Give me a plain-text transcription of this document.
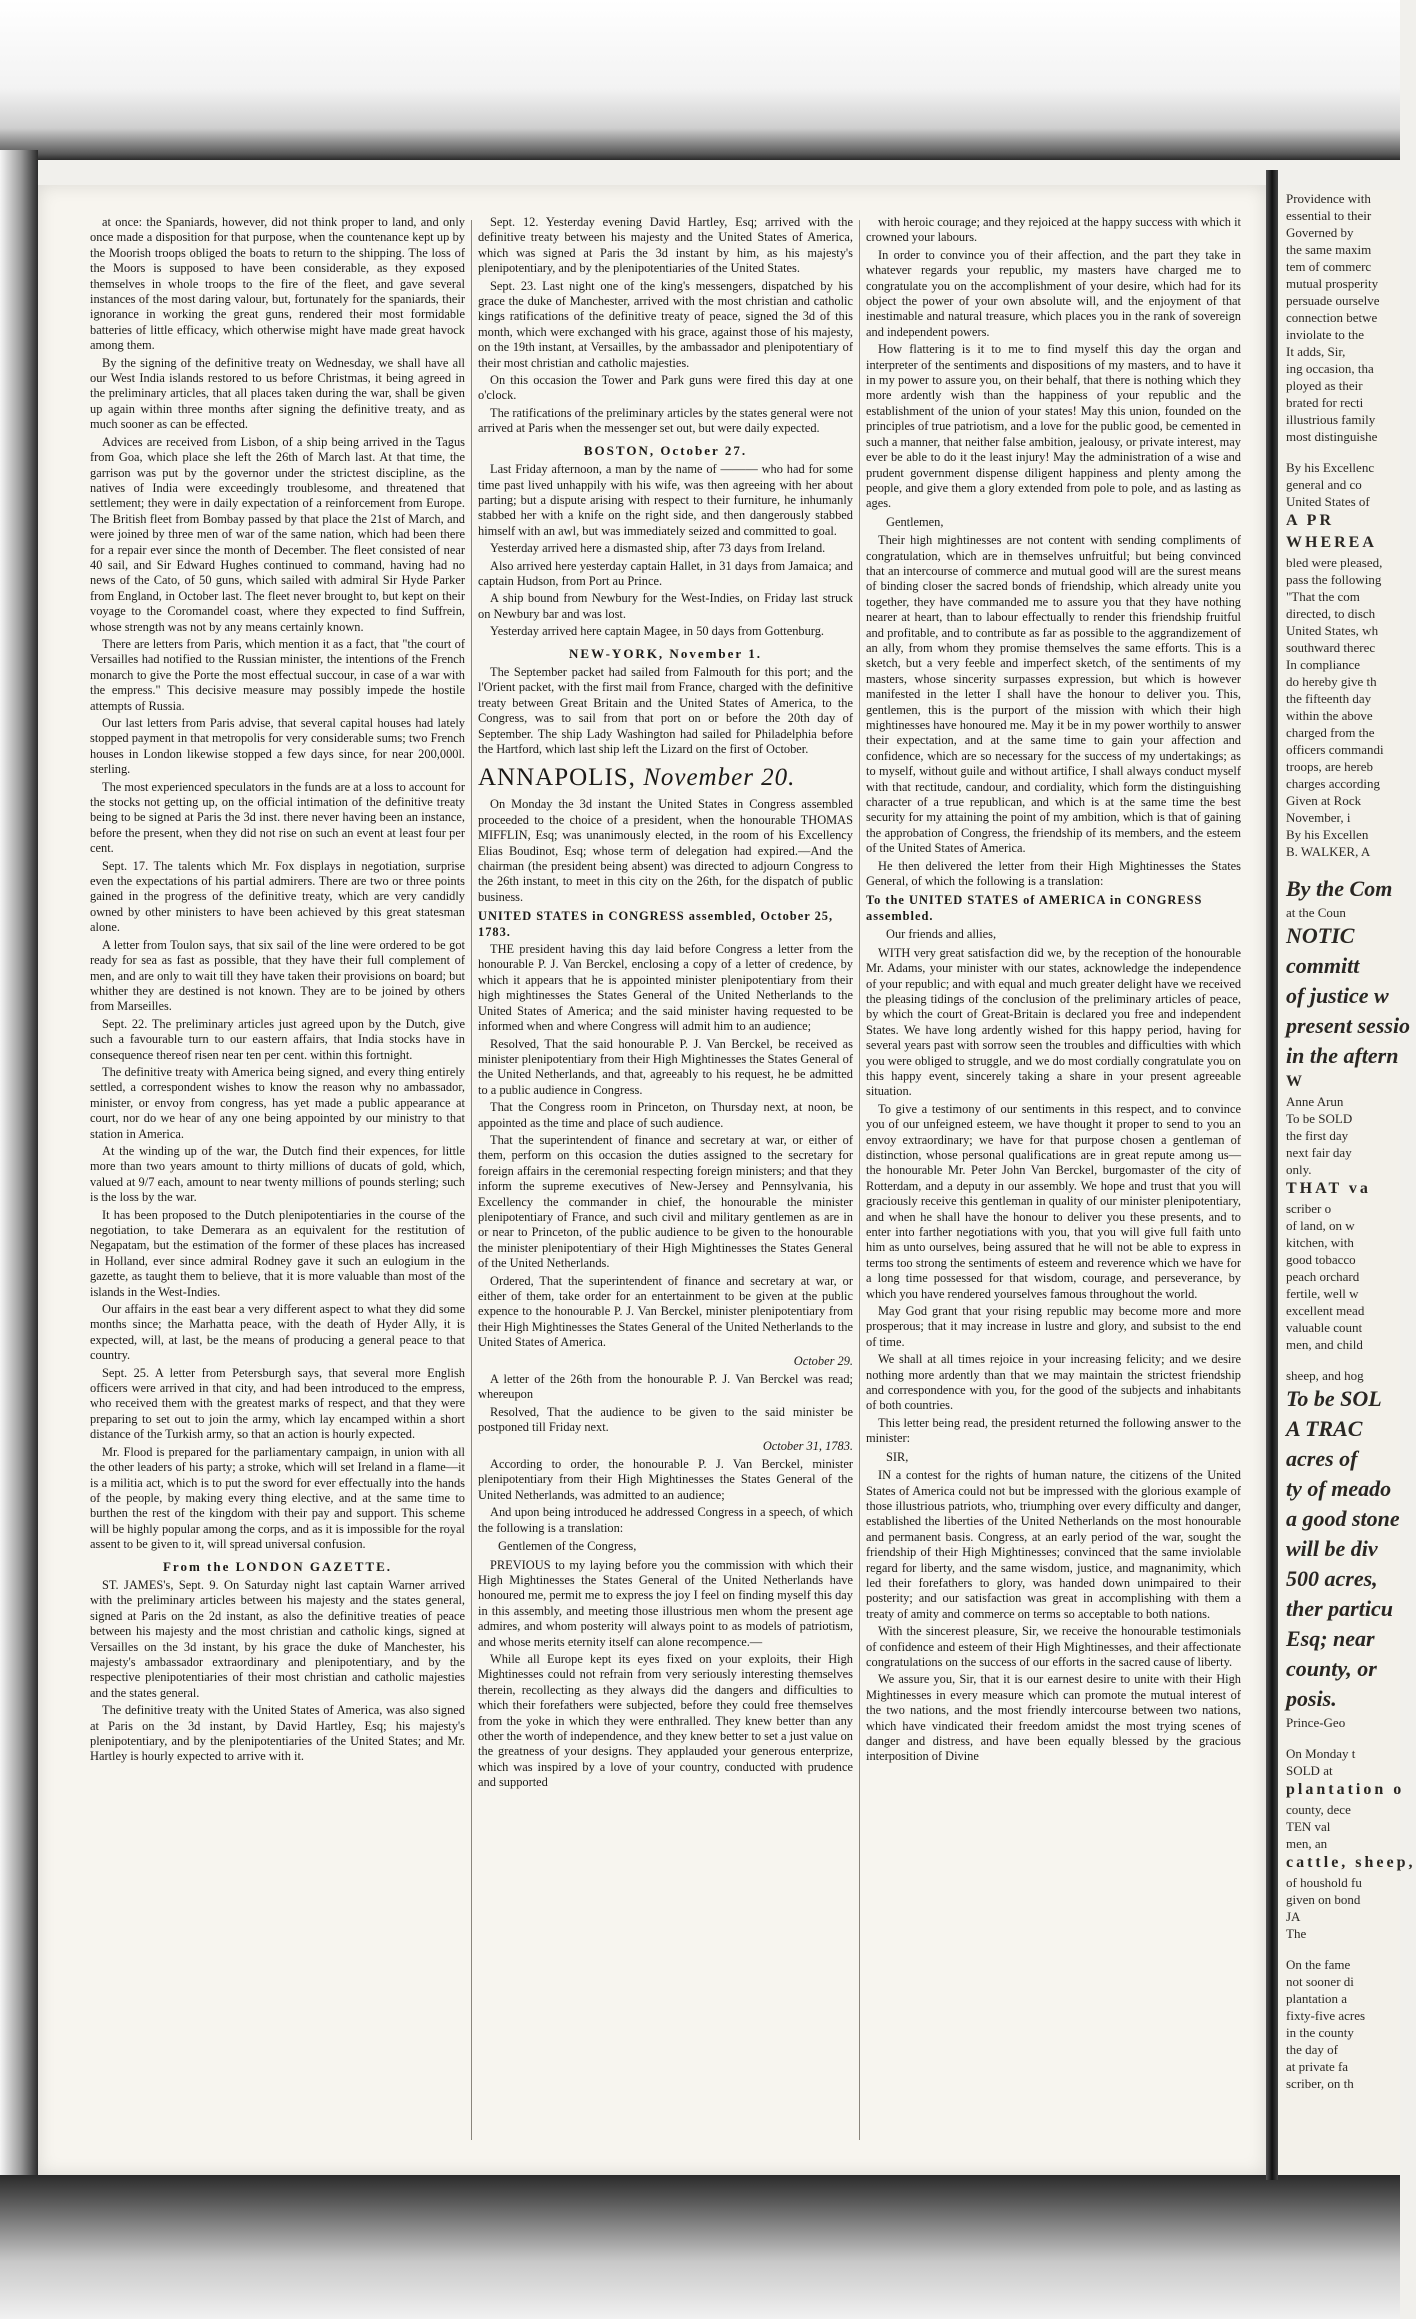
at once: the Spaniards, however, did not think proper to land, and only once made a disposition for that purpose, when the countenance kept up by the Moorish troops obliged the boats to return to the shipping. The loss of the Moors is supposed to have been considerable, as they exposed themselves in whole troops to the fire of the fleet, and gave several instances of the most daring valour, but, fortunately for the spaniards, their ignorance in working the great guns, rendered their most formidable batteries of little efficacy, which otherwise might have made great havock among them.

By the signing of the definitive treaty on Wednesday, we shall have all our West India islands restored to us before Christmas, it being agreed in the preliminary articles, that all places taken during the war, shall be given up again within three months after signing the definitive treaty, and as much sooner as can be effected.

Advices are received from Lisbon, of a ship being arrived in the Tagus from Goa, which place she left the 26th of March last. At that time, the garrison was put by the governor under the strictest discipline, as the natives of India were exceedingly troublesome, and threatened that settlement; they were in daily expectation of a reinforcement from Europe. The British fleet from Bombay passed by that place the 21st of March, and were joined by three men of war of the same nation, which had been there for a repair ever since the month of December. The fleet consisted of near 40 sail, and Sir Edward Hughes continued to command, having had no news of the Cato, of 50 guns, which sailed with admiral Sir Hyde Parker from England, in October last. The fleet never brought to, but kept on their voyage to the Coromandel coast, where they expected to find Suffrein, whose strength was not by any means certainly known.

There are letters from Paris, which mention it as a fact, that "the court of Versailles had notified to the Russian minister, the intentions of the French monarch to give the Porte the most effectual succour, in case of a war with the empress." This decisive measure may possibly impede the hostile attempts of Russia.

Our last letters from Paris advise, that several capital houses had lately stopped payment in that metropolis for very considerable sums; two French houses in London likewise stopped a few days since, for near 200,000l. sterling.

The most experienced speculators in the funds are at a loss to account for the stocks not getting up, on the official intimation of the definitive treaty being to be signed at Paris the 3d inst. there never having been an instance, before the present, when they did not rise on such an event at least four per cent.

Sept. 17. The talents which Mr. Fox displays in negotiation, surprise even the expectations of his partial admirers. There are two or three points gained in the progress of the definitive treaty, which are very candidly owned by other ministers to have been achieved by this great statesman alone.

A letter from Toulon says, that six sail of the line were ordered to be got ready for sea as fast as possible, that they have their full complement of men, and are only to wait till they have taken their provisions on board; but whither they are destined is not known. They are to be joined by others from Marseilles.

Sept. 22. The preliminary articles just agreed upon by the Dutch, give such a favourable turn to our eastern affairs, that India stocks have in consequence thereof risen near ten per cent. within this fortnight.

The definitive treaty with America being signed, and every thing entirely settled, a correspondent wishes to know the reason why no ambassador, minister, or envoy from congress, has yet made a public appearance at court, nor do we hear of any one being appointed by our ministry to that station in America.

At the winding up of the war, the Dutch find their expences, for little more than two years amount to thirty millions of ducats of gold, which, valued at 9/7 each, amount to near twenty millions of pounds sterling; such is the loss by the war.

It has been proposed to the Dutch plenipotentiaries in the course of the negotiation, to take Demerara as an equivalent for the restitution of Negapatam, but the estimation of the former of these places has increased in Holland, ever since admiral Rodney gave it such an eulogium in the gazette, as taught them to believe, that it is more valuable than most of the islands in the West-Indies.

Our affairs in the east bear a very different aspect to what they did some months since; the Marhatta peace, with the death of Hyder Ally, it is expected, will, at last, be the means of producing a general peace to that country.

Sept. 25. A letter from Petersburgh says, that several more English officers were arrived in that city, and had been introduced to the empress, who received them with the greatest marks of respect, and that they were preparing to set out to join the army, which lay encamped within a short distance of the Turkish army, so that an action is hourly expected.

Mr. Flood is prepared for the parliamentary campaign, in union with all the other leaders of his party; a stroke, which will set Ireland in a flame—it is a militia act, which is to put the sword for ever effectually into the hands of the people, by making every thing elective, and at the same time to burthen the rest of the kingdom with their pay and support. This scheme will be highly popular among the corps, and as it is impossible for the royal assent to be given to it, will spread universal confusion.

From the LONDON GAZETTE.

ST. JAMES's, Sept. 9. On Saturday night last captain Warner arrived with the preliminary articles between his majesty and the states general, signed at Paris on the 2d instant, as also the definitive treaties of peace between his majesty and the most christian and catholic kings, signed at Versailles on the 3d instant, by his grace the duke of Manchester, his majesty's ambassador extraordinary and plenipotentiary, and by the respective plenipotentiaries of their most christian and catholic majesties and the states general.

The definitive treaty with the United States of America, was also signed at Paris on the 3d instant, by David Hartley, Esq; his majesty's plenipotentiary, and by the plenipotentiaries of the United States; and Mr. Hartley is hourly expected to arrive with it.

Sept. 12. Yesterday evening David Hartley, Esq; arrived with the definitive treaty between his majesty and the United States of America, which was signed at Paris the 3d instant by him, as his majesty's plenipotentiary, and by the plenipotentiaries of the United States.

Sept. 23. Last night one of the king's messengers, dispatched by his grace the duke of Manchester, arrived with the most christian and catholic kings ratifications of the definitive treaty of peace, signed the 3d of this month, which were exchanged with his grace, against those of his majesty, on the 19th instant, at Versailles, by the ambassador and plenipotentiary of their most christian and catholic majesties.

On this occasion the Tower and Park guns were fired this day at one o'clock.

The ratifications of the preliminary articles by the states general were not arrived at Paris when the messenger set out, but were daily expected.

BOSTON, October 27.

Last Friday afternoon, a man by the name of ——— who had for some time past lived unhappily with his wife, was then agreeing with her about parting; but a dispute arising with respect to their furniture, he inhumanly stabbed her with a knife on the right side, and then dangerously stabbed himself with an awl, but was immediately seized and committed to goal.

Yesterday arrived here a dismasted ship, after 73 days from Ireland.

Also arrived here yesterday captain Hallet, in 31 days from Jamaica; and captain Hudson, from Port au Prince.

A ship bound from Newbury for the West-Indies, on Friday last struck on Newbury bar and was lost.

Yesterday arrived here captain Magee, in 50 days from Gottenburg.

NEW-YORK, November 1.

The September packet had sailed from Falmouth for this port; and the l'Orient packet, with the first mail from France, charged with the definitive treaty between Great Britain and the United States of America, to the Congress, was to sail from that port on or before the 20th day of September. The ship Lady Washington had sailed for Philadelphia before the Hartford, which last ship left the Lizard on the first of October.

ANNAPOLIS, November 20.

On Monday the 3d instant the United States in Congress assembled proceeded to the choice of a president, when the honourable THOMAS MIFFLIN, Esq; was unanimously elected, in the room of his Excellency Elias Boudinot, Esq; whose term of delegation had expired.—And the chairman (the president being absent) was directed to adjourn Congress to the 26th instant, to meet in this city on the 26th, for the dispatch of public business.

UNITED STATES in CONGRESS assembled, October 25, 1783.

THE president having this day laid before Congress a letter from the honourable P. J. Van Berckel, enclosing a copy of a letter of credence, by which it appears that he is appointed minister plenipotentiary from their high mightinesses the States General of the United Netherlands to the United States of America; and the said minister having requested to be informed when and where Congress will admit him to an audience;

Resolved, That the said honourable P. J. Van Berckel, be received as minister plenipotentiary from their High Mightinesses the States General of the United Netherlands, and that, agreeably to his request, he be admitted to a public audience in Congress.

That the Congress room in Princeton, on Thursday next, at noon, be appointed as the time and place of such audience.

That the superintendent of finance and secretary at war, or either of them, perform on this occasion the duties assigned to the secretary for foreign affairs in the ceremonial respecting foreign ministers; and that they inform the supreme executives of New-Jersey and Pennsylvania, his Excellency the commander in chief, the honourable the minister plenipotentiary of France, and such civil and military gentlemen as are in or near to Princeton, of the public audience to be given to the honourable the minister plenipotentiary of their High Mightinesses the States General of the United Netherlands.

Ordered, That the superintendent of finance and secretary at war, or either of them, take order for an entertainment to be given at the public expence to the honourable P. J. Van Berckel, minister plenipotentiary from their High Mightinesses the States General of the United Netherlands to the United States of America.

October 29.

A letter of the 26th from the honourable P. J. Van Berckel was read; whereupon

Resolved, That the audience to be given to the said minister be postponed till Friday next.

October 31, 1783.

According to order, the honourable P. J. Van Berckel, minister plenipotentiary from their High Mightinesses the States General of the United Netherlands, was admitted to an audience;

And upon being introduced he addressed Congress in a speech, of which the following is a translation:

Gentlemen of the Congress,

PREVIOUS to my laying before you the commission with which their High Mightinesses the States General of the United Netherlands have honoured me, permit me to express the joy I feel on finding myself this day in this assembly, and meeting those illustrious men whom the present age admires, and whom posterity will always point to as models of patriotism, and whose merits eternity itself can alone recompence.—

While all Europe kept its eyes fixed on your exploits, their High Mightinesses could not refrain from very seriously interesting themselves therein, recollecting as they always did the dangers and difficulties to which their forefathers were subjected, before they could free themselves from the yoke in which they were enthralled. They knew better than any other the worth of independence, and they knew better to set a just value on the greatness of your designs. They applauded your generous enterprize, which was inspired by a love of your country, conducted with prudence and supported

with heroic courage; and they rejoiced at the happy success with which it crowned your labours.

In order to convince you of their affection, and the part they take in whatever regards your republic, my masters have charged me to congratulate you on the accomplishment of your desire, which had for its object the power of your own absolute will, and the enjoyment of that inestimable and natural treasure, which places you in the rank of sovereign and independent powers.

How flattering is it to me to find myself this day the organ and interpreter of the sentiments and dispositions of my masters, and to have it in my power to assure you, on their behalf, that there is nothing which they more ardently wish than the happiness of your republic and the establishment of the union of your states! May this union, founded on the principles of true patriotism, and a love for the public good, be cemented in such a manner, that neither false ambition, jealousy, or private interest, may ever be able to do it the least injury! May the administration of a wise and prudent government dispense diligent happiness and plenty among the people, and give them a glory extended from pole to pole, and as lasting as ages.

Gentlemen,

Their high mightinesses are not content with sending compliments of congratulation, which are in themselves unfruitful; but being convinced that an intercourse of commerce and mutual good will are the surest means of binding closer the sacred bonds of friendship, which already unite you together, they have commanded me to assure you that they have nothing nearer at heart, than to labour effectually to render this friendship fruitful and profitable, and to contribute as far as possible to the aggrandizement of an ally, from whom they promise themselves the same efforts. This is a sketch, but a very feeble and imperfect sketch, of the sentiments of my masters, whose sincerity surpasses expression, but which is however manifested in the letter I shall have the honour to deliver you. This, gentlemen, this is the purport of the mission with which their high mightinesses have honoured me. May it be in my power worthily to answer their expectation, and at the same time to gain your affection and confidence, which are so necessary for the success of my undertakings; as to myself, without guile and without artifice, I shall always conduct myself with that rectitude, candour, and cordiality, which form the distinguishing character of a true republican, and which is at the same time the best security for my attaining the point of my ambition, which is that of gaining the approbation of Congress, the friendship of its members, and the esteem of the United States of America.

He then delivered the letter from their High Mightinesses the States General, of which the following is a translation:

To the UNITED STATES of AMERICA in CONGRESS assembled.

Our friends and allies,

WITH very great satisfaction did we, by the reception of the honourable Mr. Adams, your minister with our states, acknowledge the independence of your republic; and with equal and much greater delight have we received the pleasing tidings of the conclusion of the preliminary articles of peace, by which the court of Great-Britain is declared you free and independent States. We have long ardently wished for this happy period, having for several years past with sorrow seen the troubles and difficulties with which you were obliged to struggle, and we do most cordially congratulate you on this happy event, sincerely taking a share in your present agreeable situation.

To give a testimony of our sentiments in this respect, and to convince you of our unfeigned esteem, we have thought it proper to send to you an envoy extraordinary; we have for that purpose chosen a gentleman of distinction, whose personal qualifications are in great repute among us—the honourable Mr. Peter John Van Berckel, burgomaster of the city of Rotterdam, and a deputy in our assembly. We hope and trust that you will graciously receive this gentleman in quality of our minister plenipotentiary, and when he shall have the honour to deliver you these presents, and to enter into farther negotiations with you, that you will give full faith unto him as unto ourselves, being assured that he will not be able to express in terms too strong the sentiments of esteem and reverence which we have for a long time possessed for that wisdom, courage, and perseverance, by which you have rendered yourselves famous throughout the world.

May God grant that your rising republic may become more and more prosperous; that it may increase in lustre and glory, and subsist to the end of time.

We shall at all times rejoice in your increasing felicity; and we desire nothing more ardently than that we may maintain the strictest friendship and correspondence with you, for the good of the subjects and inhabitants of both countries.

This letter being read, the president returned the following answer to the minister:

SIR,

IN a contest for the rights of human nature, the citizens of the United States of America could not but be impressed with the glorious example of those illustrious patriots, who, triumphing over every difficulty and danger, established the liberties of the United Netherlands on the most honourable and permanent basis. Congress, at an early period of the war, sought the friendship of their High Mightinesses; convinced that the same inviolable regard for liberty, and the same wisdom, justice, and magnanimity, which led their forefathers to glory, was handed down unimpaired to their posterity; and our satisfaction was great in accomplishing with them a treaty of amity and commerce on terms so acceptable to both nations.

With the sincerest pleasure, Sir, we receive the honourable testimonials of confidence and esteem of their High Mightinesses, and their affectionate congratulations on the success of our efforts in the sacred cause of liberty.

We assure you, Sir, that it is our earnest desire to unite with their High Mightinesses in every measure which can promote the mutual interest of the two nations, and the most friendly intercourse between two nations, which have vindicated their freedom amidst the most trying scenes of danger and distress, and have been equally blessed by the gracious interposition of Divine

Providence with
essential to their
Governed by
the same maxim
tem of commerc
mutual prosperity
persuade ourselve
connection betwe
inviolate to the
It adds, Sir,
ing occasion, tha
ployed as their
brated for recti
illustrious family
most distinguishe
By his Excellenc
general and co
United States of
A PR
WHEREA
bled were pleased,
pass the following
"That the com
directed, to disch
United States, wh
southward therec
In compliance
do hereby give th
the fifteenth day
within the above
charged from the
officers commandi
troops, are hereb
charges according
Given at Rock
November, i
By his Excellen
B. WALKER, A
By the Com
at the Coun
NOTIC
committ
of justice w
present sessio
in the aftern
W
Anne Arun
To be SOLD
the first day
next fair day
only.
THAT va
scriber o
of land, on w
kitchen, with
good tobacco
peach orchard
fertile, well w
excellent mead
valuable count
men, and child
sheep, and hog
To be SOL
A TRAC
acres of
ty of meado
a good stone
will be div
500 acres,
ther particu
Esq; near
county, or
posis.
Prince-Geo
On Monday t
SOLD at
plantation o
county, dece
TEN val
men, an
cattle, sheep,
of houshold fu
given on bond
JA
The
On the fame
not sooner di
plantation a
fixty-five acres
in the county
the day of
at private fa
scriber, on th
